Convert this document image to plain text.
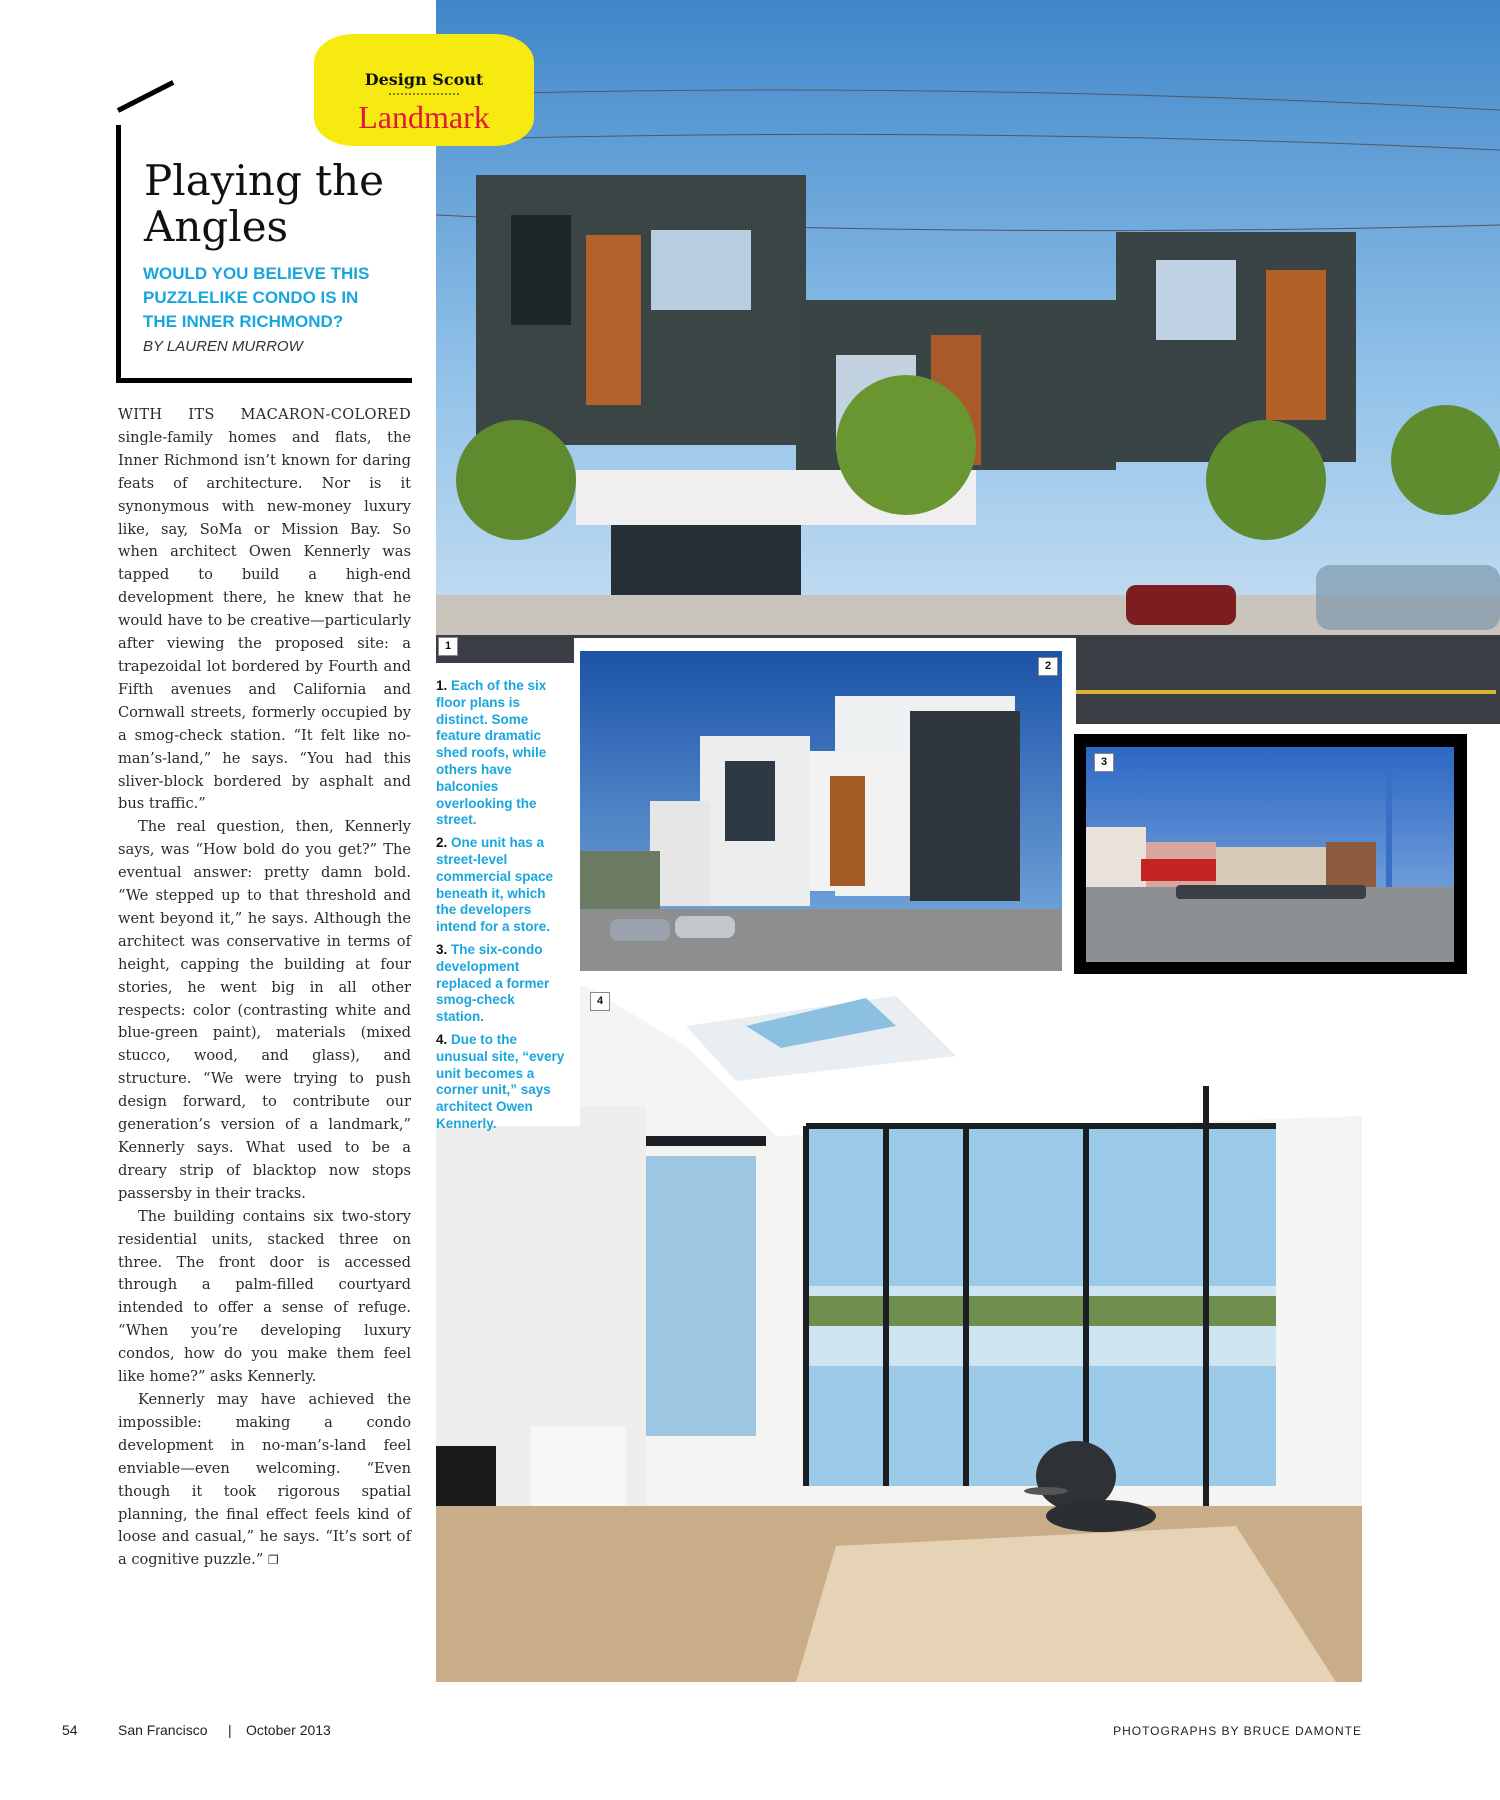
Design Scout
Landmark
Playing the Angles

WOULD YOU BELIEVE THIS PUZZLELIKE CONDO IS IN THE INNER RICHMOND?

BY LAUREN MURROW

WITH ITS MACARON-COLORED single-family homes and flats, the Inner Richmond isn’t known for daring feats of architecture. Nor is it synonymous with new-money luxury like, say, SoMa or Mission Bay. So when architect Owen Kennerly was tapped to build a high-end development there, he knew that he would have to be creative—particularly after viewing the proposed site: a trapezoidal lot bordered by Fourth and Fifth avenues and California and Cornwall streets, formerly occupied by a smog-check station. “It felt like no-man’s-land,” he says. “You had this sliver-block bordered by asphalt and bus traffic.”

The real question, then, Kennerly says, was “How bold do you get?” The eventual answer: pretty damn bold. “We stepped up to that threshold and went beyond it,” he says. Although the architect was conservative in terms of height, capping the building at four stories, he went big in all other respects: color (contrasting white and blue-green paint), materials (mixed stucco, wood, and glass), and structure. “We were trying to push design forward, to contribute our generation’s version of a landmark,” Kennerly says. What used to be a dreary strip of blacktop now stops passersby in their tracks.

The building contains six two-story residential units, stacked three on three. The front door is accessed through a palm-filled courtyard intended to offer a sense of refuge. “When you’re developing luxury condos, how do you make them feel like home?” asks Kennerly.

Kennerly may have achieved the impossible: making a condo development in no-man’s-land feel enviable—even welcoming. “Even though it took rigorous spatial planning, the final effect feels kind of loose and casual,” he says. “It’s sort of a cognitive puzzle.” ❒

1
2
3
4

1. Each of the six floor plans is distinct. Some feature dramatic shed roofs, while others have balconies overlooking the street.

2. One unit has a street-level commercial space beneath it, which the developers intend for a store.

3. The six-condo development replaced a former smog-check station.

4. Due to the unusual site, “every unit becomes a corner unit,” says architect Owen Kennerly.

54	San Francisco | October 2013	PHOTOGRAPHS BY BRUCE DAMONTE
